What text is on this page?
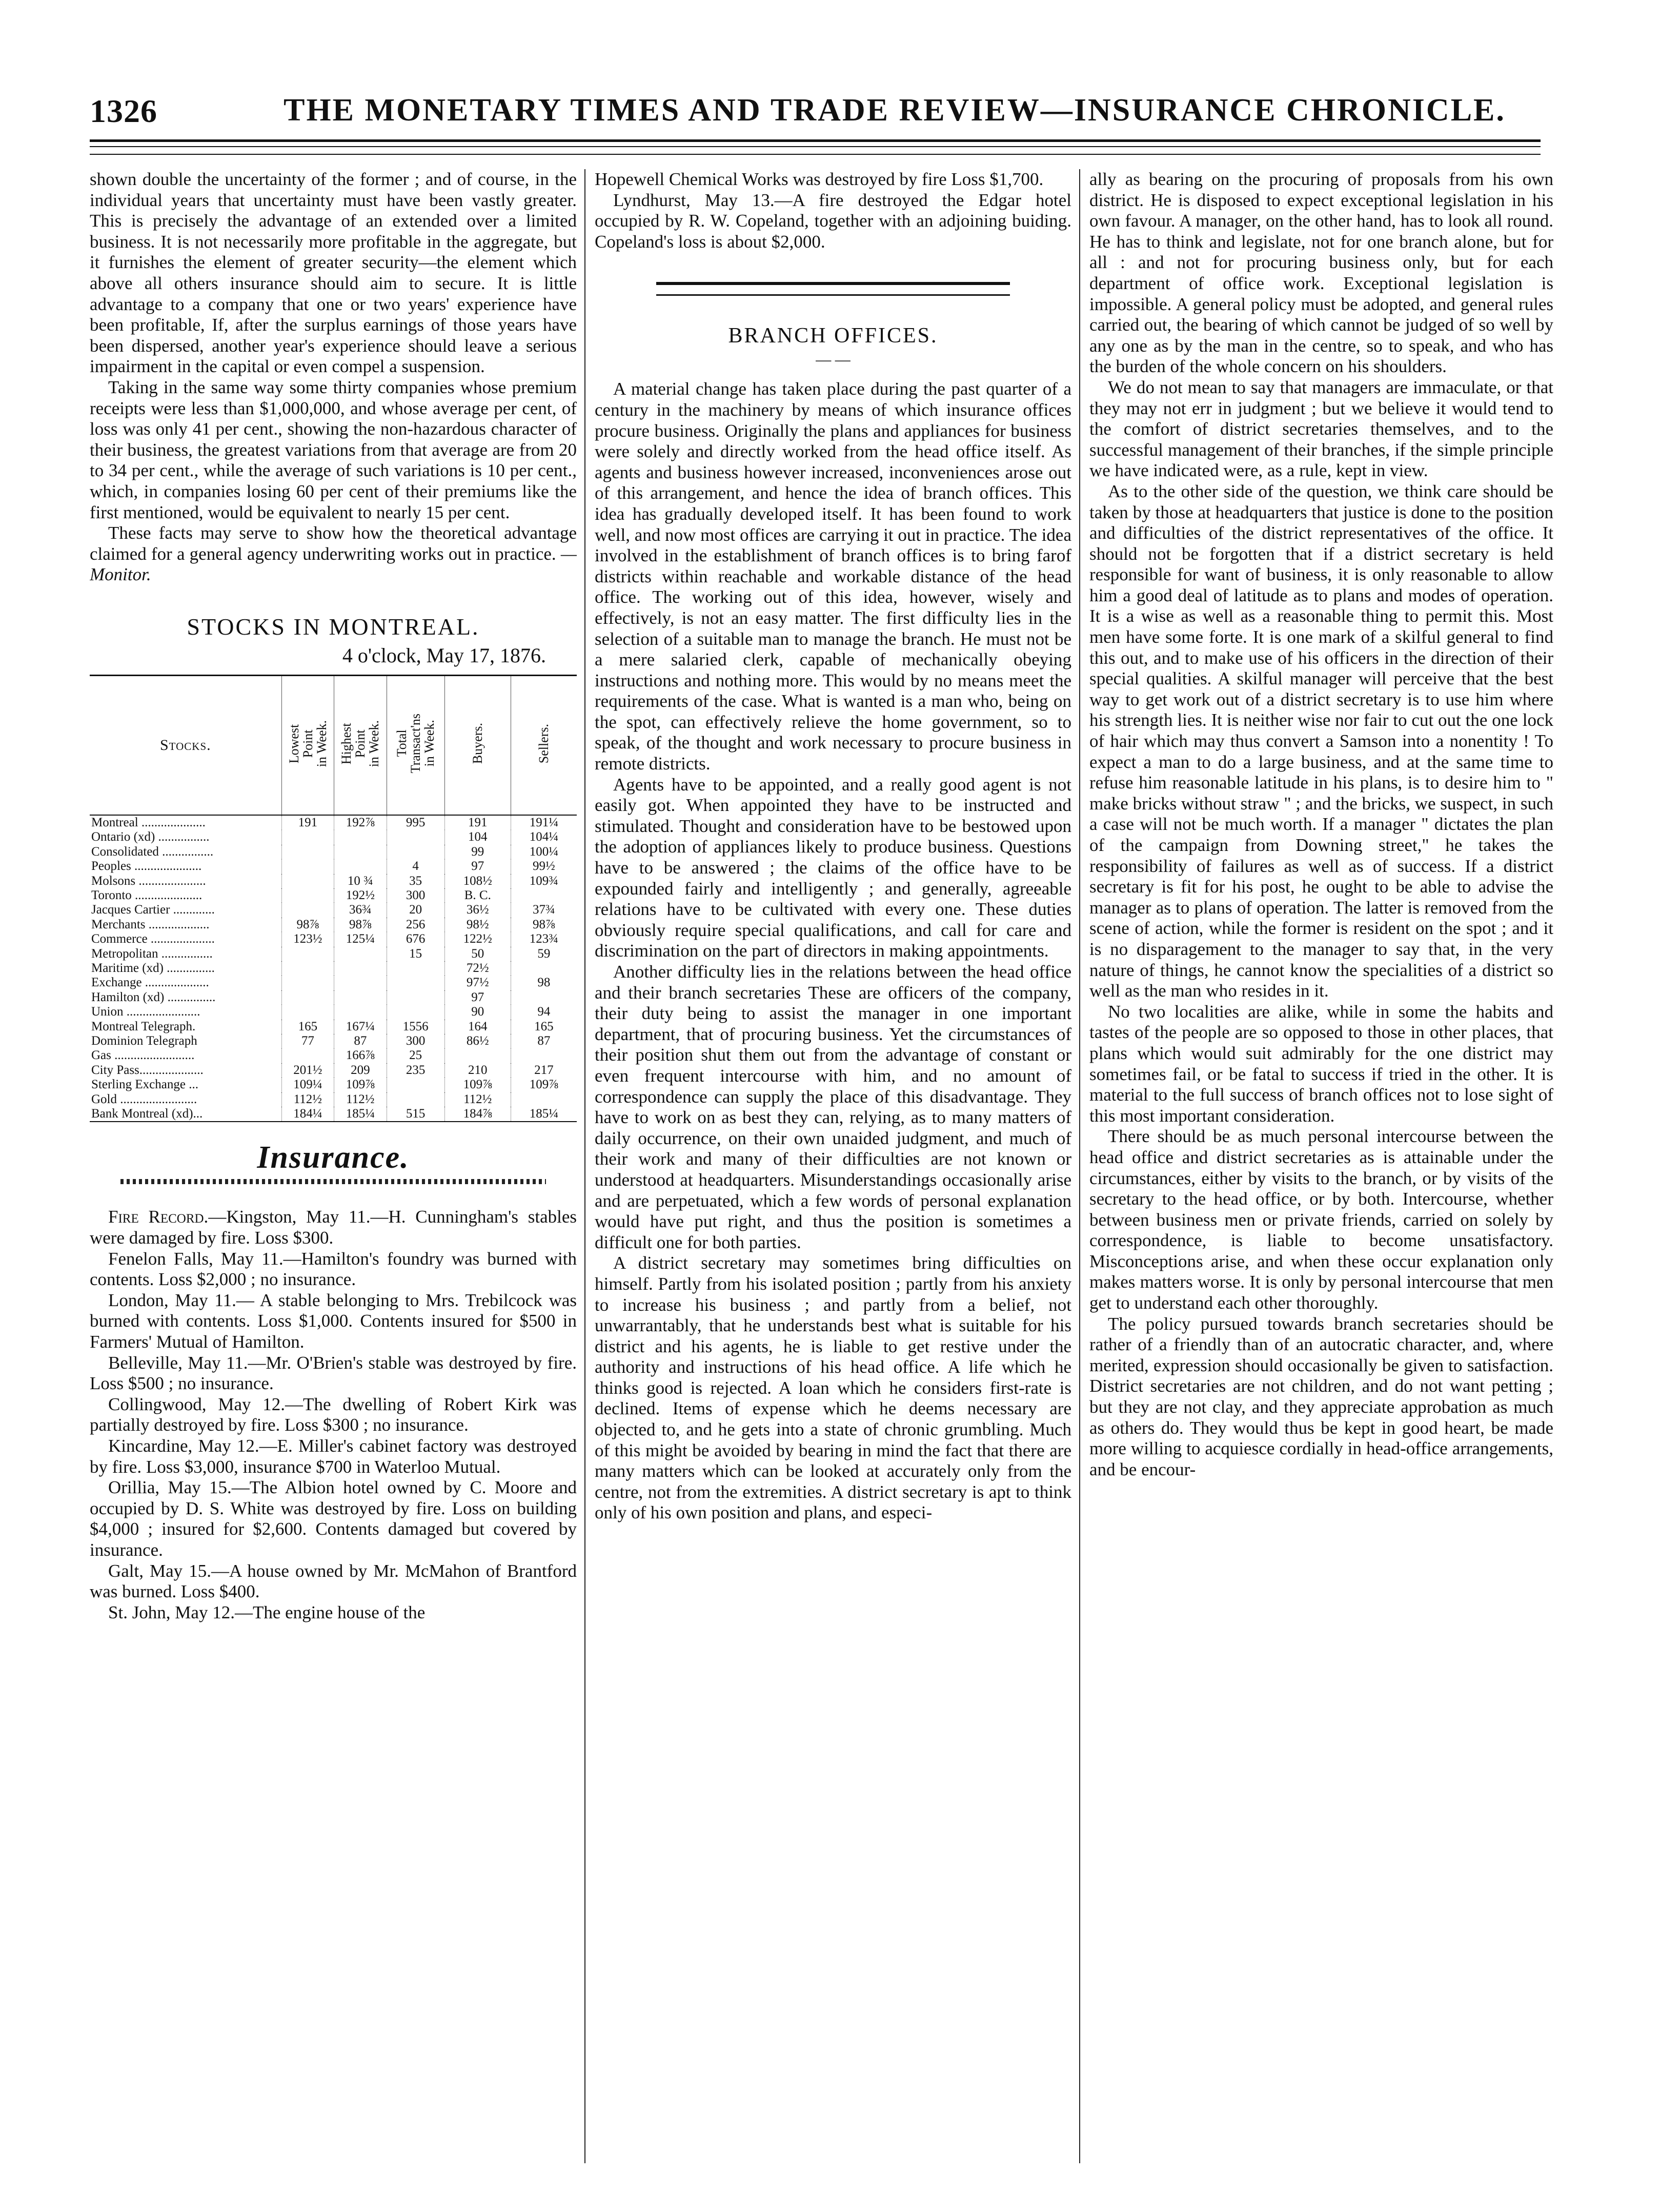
1326	THE MONETARY TIMES AND TRADE REVIEW—INSURANCE CHRONICLE.

shown double the uncertainty of the former ; and of course, in the individual years that uncertainty must have been vastly greater. This is precisely the advantage of an extended over a limited business. It is not necessarily more profitable in the aggregate, but it furnishes the element of greater security—the element which above all others insurance should aim to secure. It is little advantage to a company that one or two years' experience have been profitable, If, after the surplus earnings of those years have been dispersed, another year's experience should leave a serious impairment in the capital or even compel a suspension.

Taking in the same way some thirty companies whose premium receipts were less than $1,000,000, and whose average per cent, of loss was only 41 per cent., showing the non-hazardous character of their business, the greatest variations from that average are from 20 to 34 per cent., while the average of such variations is 10 per cent., which, in companies losing 60 per cent of their premiums like the first mentioned, would be equivalent to nearly 15 per cent.

These facts may serve to show how the theoretical advantage claimed for a general agency underwriting works out in practice. —Monitor.

STOCKS IN MONTREAL.
4 o'clock, May 17, 1876.
Stocks.	Lowest
Point
in Week.	Highest
Point
in Week.	Total
Transact'ns
in Week.	Buyers.	Sellers.
Montreal ....................	191	192⅞	995	191	191¼
Ontario (xd) ................				104	104¼
Consolidated ................				99	100¼
Peoples .....................			4	97	99½
Molsons .....................		10 ¾	35	108½	109¾
Toronto .....................		192½	300	B. C.	
Jacques Cartier .............		36¾	20	36½	37¾
Merchants ...................	98⅞	98⅞	256	98½	98⅞
Commerce ....................	123½	125¼	676	122½	123¾
Metropolitan ................			15	50	59
Maritime (xd) ...............				72½	
Exchange ....................				97½	98
Hamilton (xd) ...............				97	
Union .......................				90	94
Montreal Telegraph.	165	167¼	1556	164	165
Dominion Telegraph	77	87	300	86½	87
Gas .........................		166⅞	25		
City Pass....................	201½	209	235	210	217
Sterling Exchange ...	109¼	109⅞		109⅞	109⅞
Gold ........................	112½	112½		112½	
Bank Montreal (xd)...	184¼	185¼	515	184⅞	185¼
Insurance.

Fire Record.—Kingston, May 11.—H. Cunningham's stables were damaged by fire. Loss $300.

Fenelon Falls, May 11.—Hamilton's foundry was burned with contents. Loss $2,000 ; no insurance.

London, May 11.— A stable belonging to Mrs. Trebilcock was burned with contents. Loss $1,000. Contents insured for $500 in Farmers' Mutual of Hamilton.

Belleville, May 11.—Mr. O'Brien's stable was destroyed by fire. Loss $500 ; no insurance.

Collingwood, May 12.—The dwelling of Robert Kirk was partially destroyed by fire. Loss $300 ; no insurance.

Kincardine, May 12.—E. Miller's cabinet factory was destroyed by fire. Loss $3,000, insurance $700 in Waterloo Mutual.

Orillia, May 15.—The Albion hotel owned by C. Moore and occupied by D. S. White was destroyed by fire. Loss on building $4,000 ; insured for $2,600. Contents damaged but covered by insurance.

Galt, May 15.—A house owned by Mr. McMahon of Brantford was burned. Loss $400.

St. John, May 12.—The engine house of the

Hopewell Chemical Works was destroyed by fire Loss $1,700.

Lyndhurst, May 13.—A fire destroyed the Edgar hotel occupied by R. W. Copeland, together with an adjoining buiding. Copeland's loss is about $2,000.

BRANCH OFFICES.
— —

A material change has taken place during the past quarter of a century in the machinery by means of which insurance offices procure business. Originally the plans and appliances for business were solely and directly worked from the head office itself. As agents and business however increased, inconveniences arose out of this arrangement, and hence the idea of branch offices. This idea has gradually developed itself. It has been found to work well, and now most offices are carrying it out in practice. The idea involved in the establishment of branch offices is to bring farof districts within reachable and workable distance of the head office. The working out of this idea, however, wisely and effectively, is not an easy matter. The first difficulty lies in the selection of a suitable man to manage the branch. He must not be a mere salaried clerk, capable of mechanically obeying instructions and nothing more. This would by no means meet the requirements of the case. What is wanted is a man who, being on the spot, can effectively relieve the home government, so to speak, of the thought and work necessary to procure business in remote districts.

Agents have to be appointed, and a really good agent is not easily got. When appointed they have to be instructed and stimulated. Thought and consideration have to be bestowed upon the adoption of appliances likely to produce business. Questions have to be answered ; the claims of the office have to be expounded fairly and intelligently ; and generally, agreeable relations have to be cultivated with every one. These duties obviously require special qualifications, and call for care and discrimination on the part of directors in making appointments.

Another difficulty lies in the relations between the head office and their branch secretaries These are officers of the company, their duty being to assist the manager in one important department, that of procuring business. Yet the circumstances of their position shut them out from the advantage of constant or even frequent intercourse with him, and no amount of correspondence can supply the place of this disadvantage. They have to work on as best they can, relying, as to many matters of daily occurrence, on their own unaided judgment, and much of their work and many of their difficulties are not known or understood at headquarters. Misunderstandings occasionally arise and are perpetuated, which a few words of personal explanation would have put right, and thus the position is sometimes a difficult one for both parties.

A district secretary may sometimes bring difficulties on himself. Partly from his isolated position ; partly from his anxiety to increase his business ; and partly from a belief, not unwarrantably, that he understands best what is suitable for his district and his agents, he is liable to get restive under the authority and instructions of his head office. A life which he thinks good is rejected. A loan which he considers first-rate is declined. Items of expense which he deems necessary are objected to, and he gets into a state of chronic grumbling. Much of this might be avoided by bearing in mind the fact that there are many matters which can be looked at accurately only from the centre, not from the extremities. A district secretary is apt to think only of his own position and plans, and especi-

ally as bearing on the procuring of proposals from his own district. He is disposed to expect exceptional legislation in his own favour. A manager, on the other hand, has to look all round. He has to think and legislate, not for one branch alone, but for all : and not for procuring business only, but for each department of office work. Exceptional legislation is impossible. A general policy must be adopted, and general rules carried out, the bearing of which cannot be judged of so well by any one as by the man in the centre, so to speak, and who has the burden of the whole concern on his shoulders.

We do not mean to say that managers are immaculate, or that they may not err in judgment ; but we believe it would tend to the comfort of district secretaries themselves, and to the successful management of their branches, if the simple principle we have indicated were, as a rule, kept in view.

As to the other side of the question, we think care should be taken by those at headquarters that justice is done to the position and difficulties of the district representatives of the office. It should not be forgotten that if a district secretary is held responsible for want of business, it is only reasonable to allow him a good deal of latitude as to plans and modes of operation. It is a wise as well as a reasonable thing to permit this. Most men have some forte. It is one mark of a skilful general to find this out, and to make use of his officers in the direction of their special qualities. A skilful manager will perceive that the best way to get work out of a district secretary is to use him where his strength lies. It is neither wise nor fair to cut out the one lock of hair which may thus convert a Samson into a nonentity ! To expect a man to do a large business, and at the same time to refuse him reasonable latitude in his plans, is to desire him to " make bricks without straw " ; and the bricks, we suspect, in such a case will not be much worth. If a manager " dictates the plan of the campaign from Downing street," he takes the responsibility of failures as well as of success. If a district secretary is fit for his post, he ought to be able to advise the manager as to plans of operation. The latter is removed from the scene of action, while the former is resident on the spot ; and it is no disparagement to the manager to say that, in the very nature of things, he cannot know the specialities of a district so well as the man who resides in it.

No two localities are alike, while in some the habits and tastes of the people are so opposed to those in other places, that plans which would suit admirably for the one district may sometimes fail, or be fatal to success if tried in the other. It is material to the full success of branch offices not to lose sight of this most important consideration.

There should be as much personal intercourse between the head office and district secretaries as is attainable under the circumstances, either by visits to the branch, or by visits of the secretary to the head office, or by both. Intercourse, whether between business men or private friends, carried on solely by correspondence, is liable to become unsatisfactory. Misconceptions arise, and when these occur explanation only makes matters worse. It is only by personal intercourse that men get to understand each other thoroughly.

The policy pursued towards branch secretaries should be rather of a friendly than of an autocratic character, and, where merited, expression should occasionally be given to satisfaction. District secretaries are not children, and do not want petting ; but they are not clay, and they appreciate approbation as much as others do. They would thus be kept in good heart, be made more willing to acquiesce cordially in head-office arrangements, and be encour-
